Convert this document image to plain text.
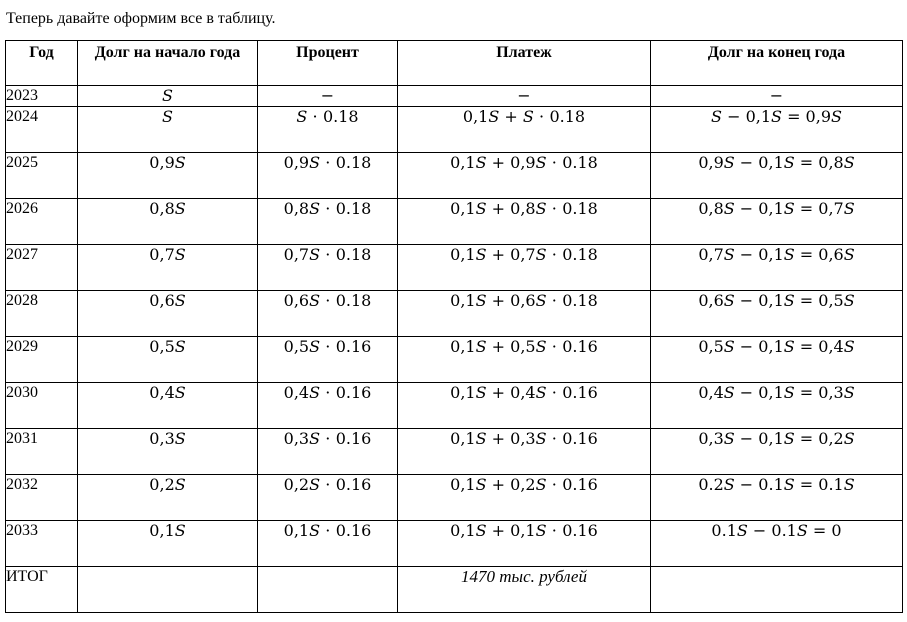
Теперь давайте оформим все в таблицу.
Год	Долг на начало года	Процент	Платеж	Долг на конец года
2023	𝑆	−	−	−
2024	𝑆	𝑆 ⋅ 0.18	0,1𝑆 + 𝑆 ⋅ 0.18	𝑆 − 0,1𝑆 = 0,9𝑆
2025	0,9𝑆	0,9𝑆 ⋅ 0.18	0,1𝑆 + 0,9𝑆 ⋅ 0.18	0,9𝑆 − 0,1𝑆 = 0,8𝑆
2026	0,8𝑆	0,8𝑆 ⋅ 0.18	0,1𝑆 + 0,8𝑆 ⋅ 0.18	0,8𝑆 − 0,1𝑆 = 0,7𝑆
2027	0,7𝑆	0,7𝑆 ⋅ 0.18	0,1𝑆 + 0,7𝑆 ⋅ 0.18	0,7𝑆 − 0,1𝑆 = 0,6𝑆
2028	0,6𝑆	0,6𝑆 ⋅ 0.18	0,1𝑆 + 0,6𝑆 ⋅ 0.18	0,6𝑆 − 0,1𝑆 = 0,5𝑆
2029	0,5𝑆	0,5𝑆 ⋅ 0.16	0,1𝑆 + 0,5𝑆 ⋅ 0.16	0,5𝑆 − 0,1𝑆 = 0,4𝑆
2030	0,4𝑆	0,4𝑆 ⋅ 0.16	0,1𝑆 + 0,4𝑆 ⋅ 0.16	0,4𝑆 − 0,1𝑆 = 0,3𝑆
2031	0,3𝑆	0,3𝑆 ⋅ 0.16	0,1𝑆 + 0,3𝑆 ⋅ 0.16	0,3𝑆 − 0,1𝑆 = 0,2𝑆
2032	0,2𝑆	0,2𝑆 ⋅ 0.16	0,1𝑆 + 0,2𝑆 ⋅ 0.16	0.2𝑆 − 0.1𝑆 = 0.1𝑆
2033	0,1𝑆	0,1𝑆 ⋅ 0.16	0,1𝑆 + 0,1𝑆 ⋅ 0.16	0.1𝑆 − 0.1𝑆 = 0
ИТОГ			1470 тыс. рублей	
